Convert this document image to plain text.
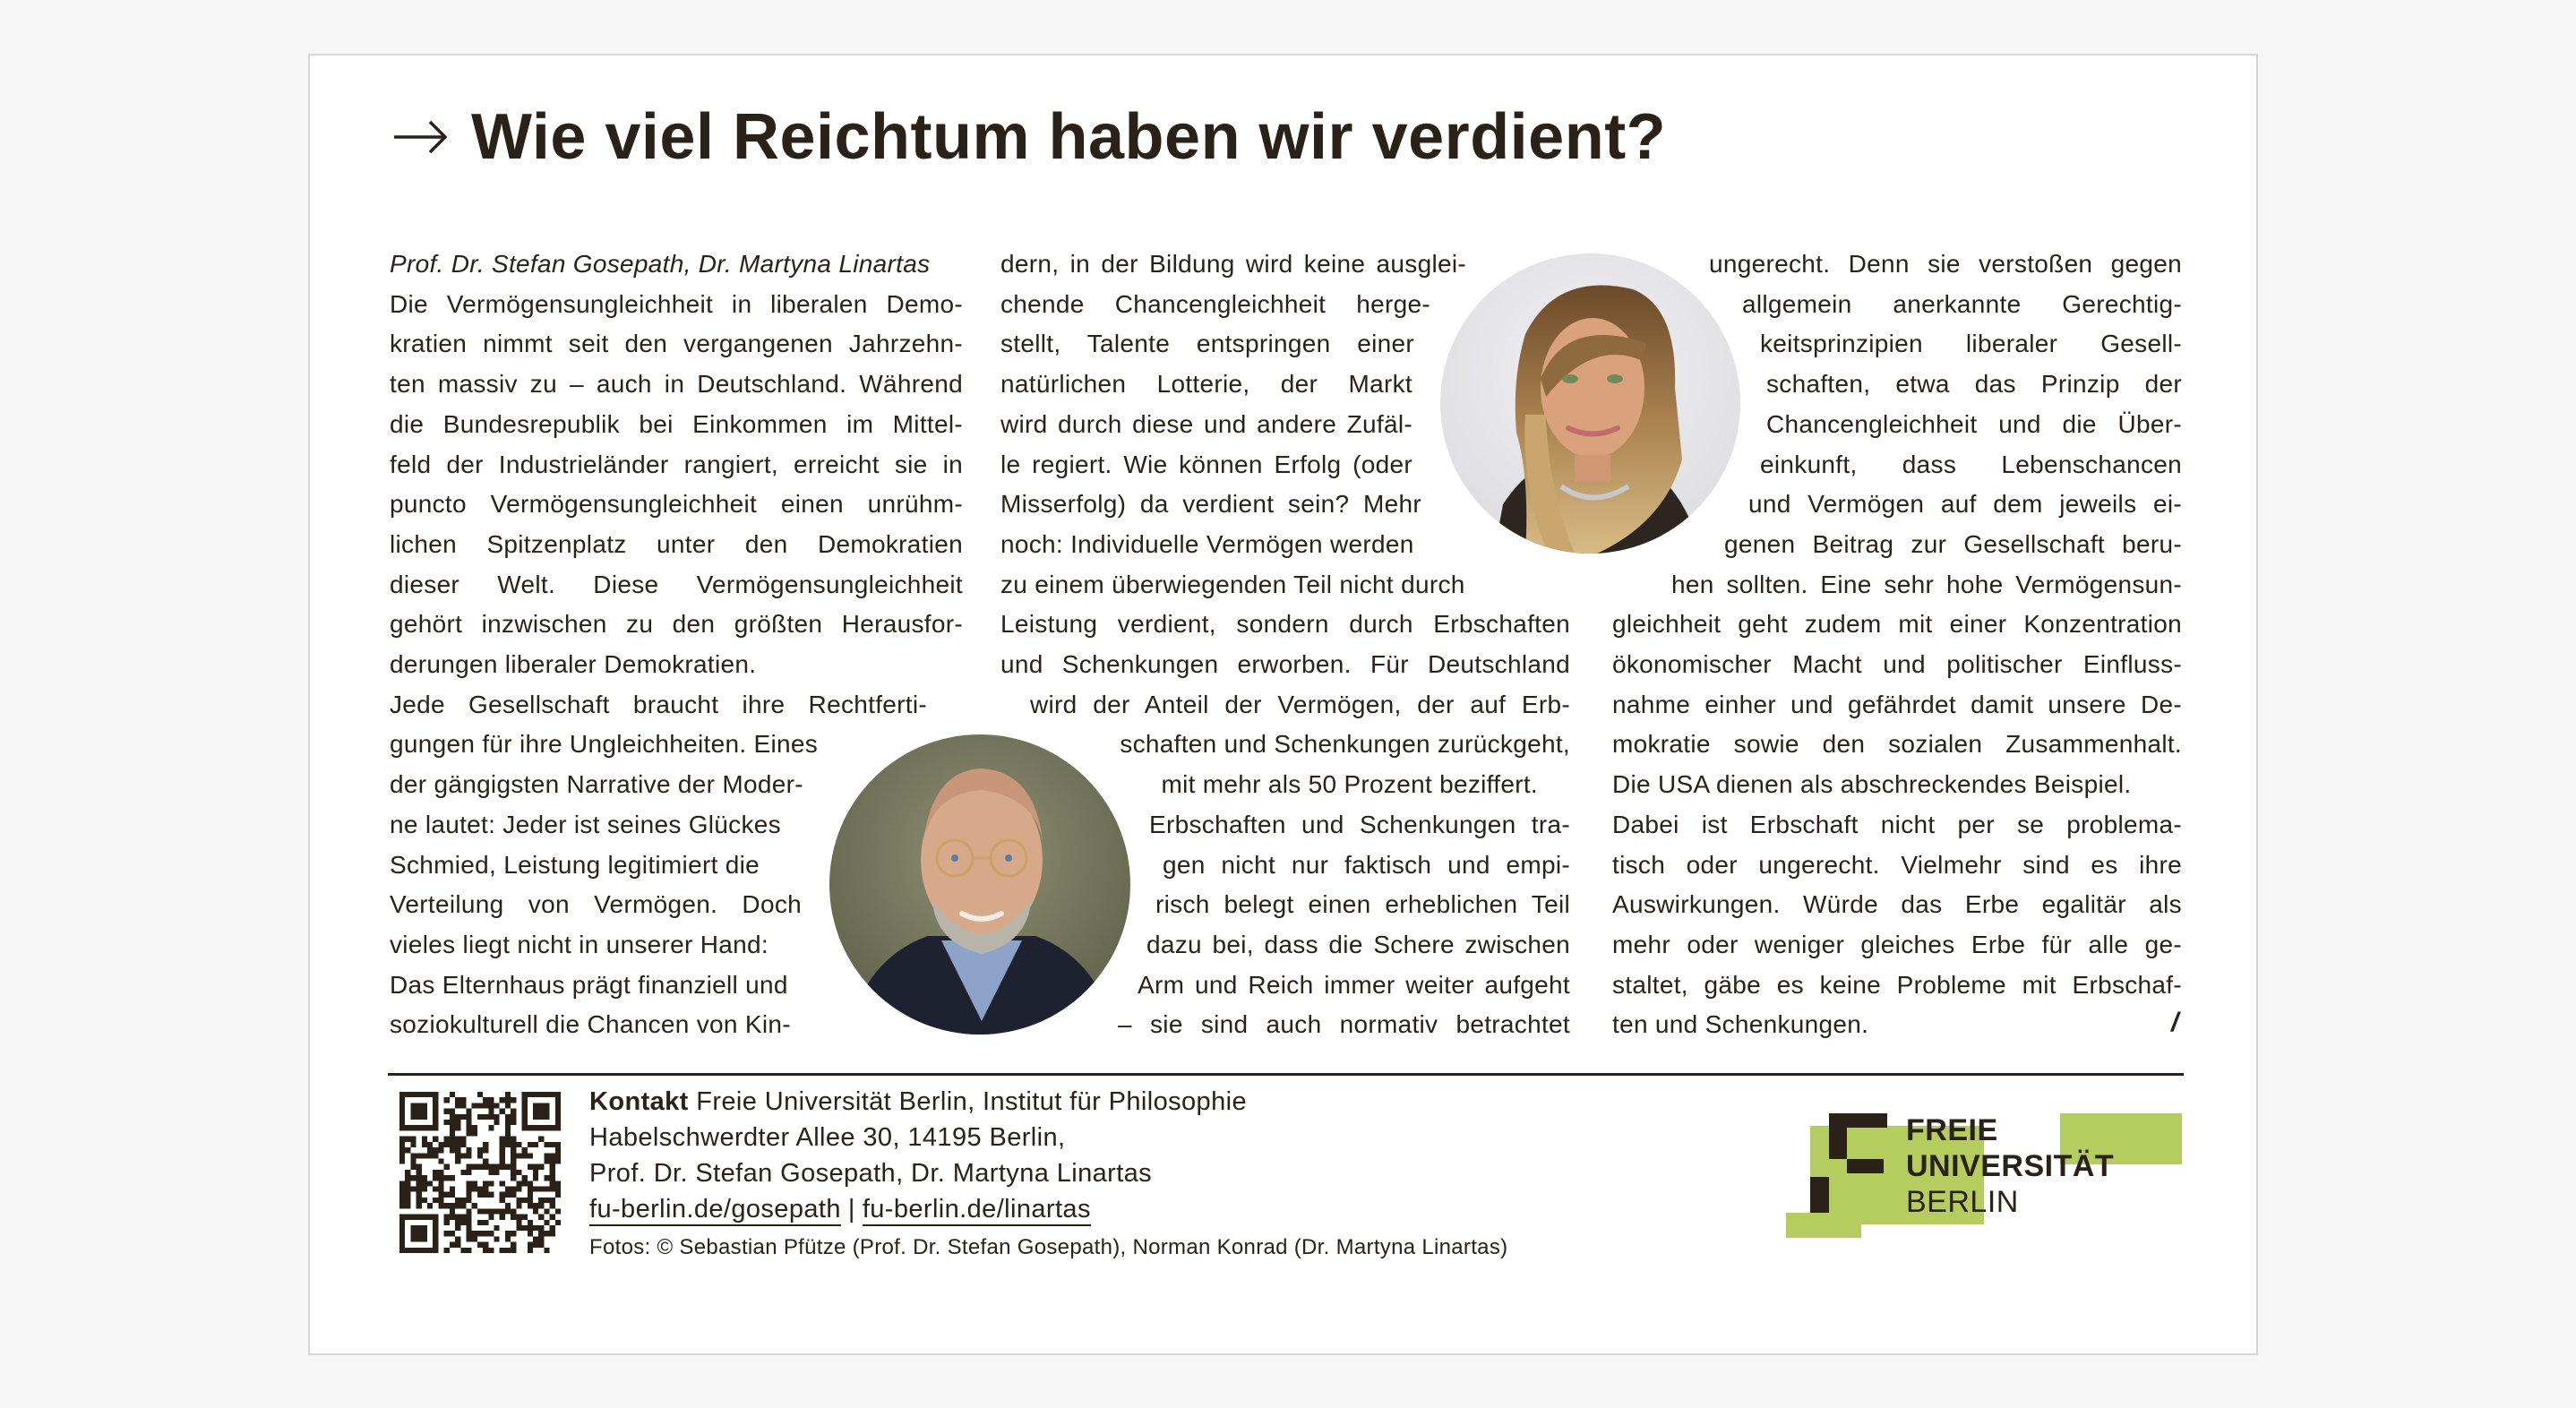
Wie viel Reichtum haben wir verdient?
Prof. Dr. Stefan Gosepath, Dr. Martyna Linartas
Die Vermögensungleichheit in liberalen Demo-
kratien nimmt seit den vergangenen Jahrzehn-
ten massiv zu – auch in Deutschland. Während
die Bundesrepublik bei Einkommen im Mittel-
feld der Industrieländer rangiert, erreicht sie in
puncto Vermögensungleichheit einen unrühm-
lichen Spitzenplatz unter den Demokratien
dieser Welt. Diese Vermögensungleichheit
gehört inzwischen zu den größten Herausfor-
derungen liberaler Demokratien.
Jede Gesellschaft braucht ihre Rechtferti-
gungen für ihre Ungleichheiten. Eines
der gängigsten Narrative der Moder-
ne lautet: Jeder ist seines Glückes
Schmied, Leistung legitimiert die
Verteilung von Vermögen. Doch
vieles liegt nicht in unserer Hand:
Das Elternhaus prägt finanziell und
soziokulturell die Chancen von Kin-
dern, in der Bildung wird keine ausglei-
chende Chancengleichheit herge-
stellt, Talente entspringen einer
natürlichen Lotterie, der Markt
wird durch diese und andere Zufäl-
le regiert. Wie können Erfolg (oder
Misserfolg) da verdient sein? Mehr
noch: Individuelle Vermögen werden
zu einem überwiegenden Teil nicht durch
Leistung verdient, sondern durch Erbschaften
und Schenkungen erworben. Für Deutschland
wird der Anteil der Vermögen, der auf Erb-
schaften und Schenkungen zurückgeht,
mit mehr als 50 Prozent beziffert.
Erbschaften und Schenkungen tra-
gen nicht nur faktisch und empi-
risch belegt einen erheblichen Teil
dazu bei, dass die Schere zwischen
Arm und Reich immer weiter aufgeht
– sie sind auch normativ betrachtet
ungerecht. Denn sie verstoßen gegen
allgemein anerkannte Gerechtig-
keitsprinzipien liberaler Gesell-
schaften, etwa das Prinzip der
Chancengleichheit und die Über-
einkunft, dass Lebenschancen
und Vermögen auf dem jeweils ei-
genen Beitrag zur Gesellschaft beru-
hen sollten. Eine sehr hohe Vermögensun-
gleichheit geht zudem mit einer Konzentration
ökonomischer Macht und politischer Einfluss-
nahme einher und gefährdet damit unsere De-
mokratie sowie den sozialen Zusammenhalt.
Die USA dienen als abschreckendes Beispiel.
Dabei ist Erbschaft nicht per se problema-
tisch oder ungerecht. Vielmehr sind es ihre
Auswirkungen. Würde das Erbe egalitär als
mehr oder weniger gleiches Erbe für alle ge-
staltet, gäbe es keine Probleme mit Erbschaf-
ten und Schenkungen.	/
Kontakt Freie Universität Berlin, Institut für Philosophie
Habelschwerdter Allee 30, 14195 Berlin,
Prof. Dr. Stefan Gosepath, Dr. Martyna Linartas
fu-berlin.de/gosepath | fu-berlin.de/linartas
Fotos: © Sebastian Pfütze (Prof. Dr. Stefan Gosepath), Norman Konrad (Dr. Martyna Linartas)
FREIE
UNIVERSITÄT
BERLIN
